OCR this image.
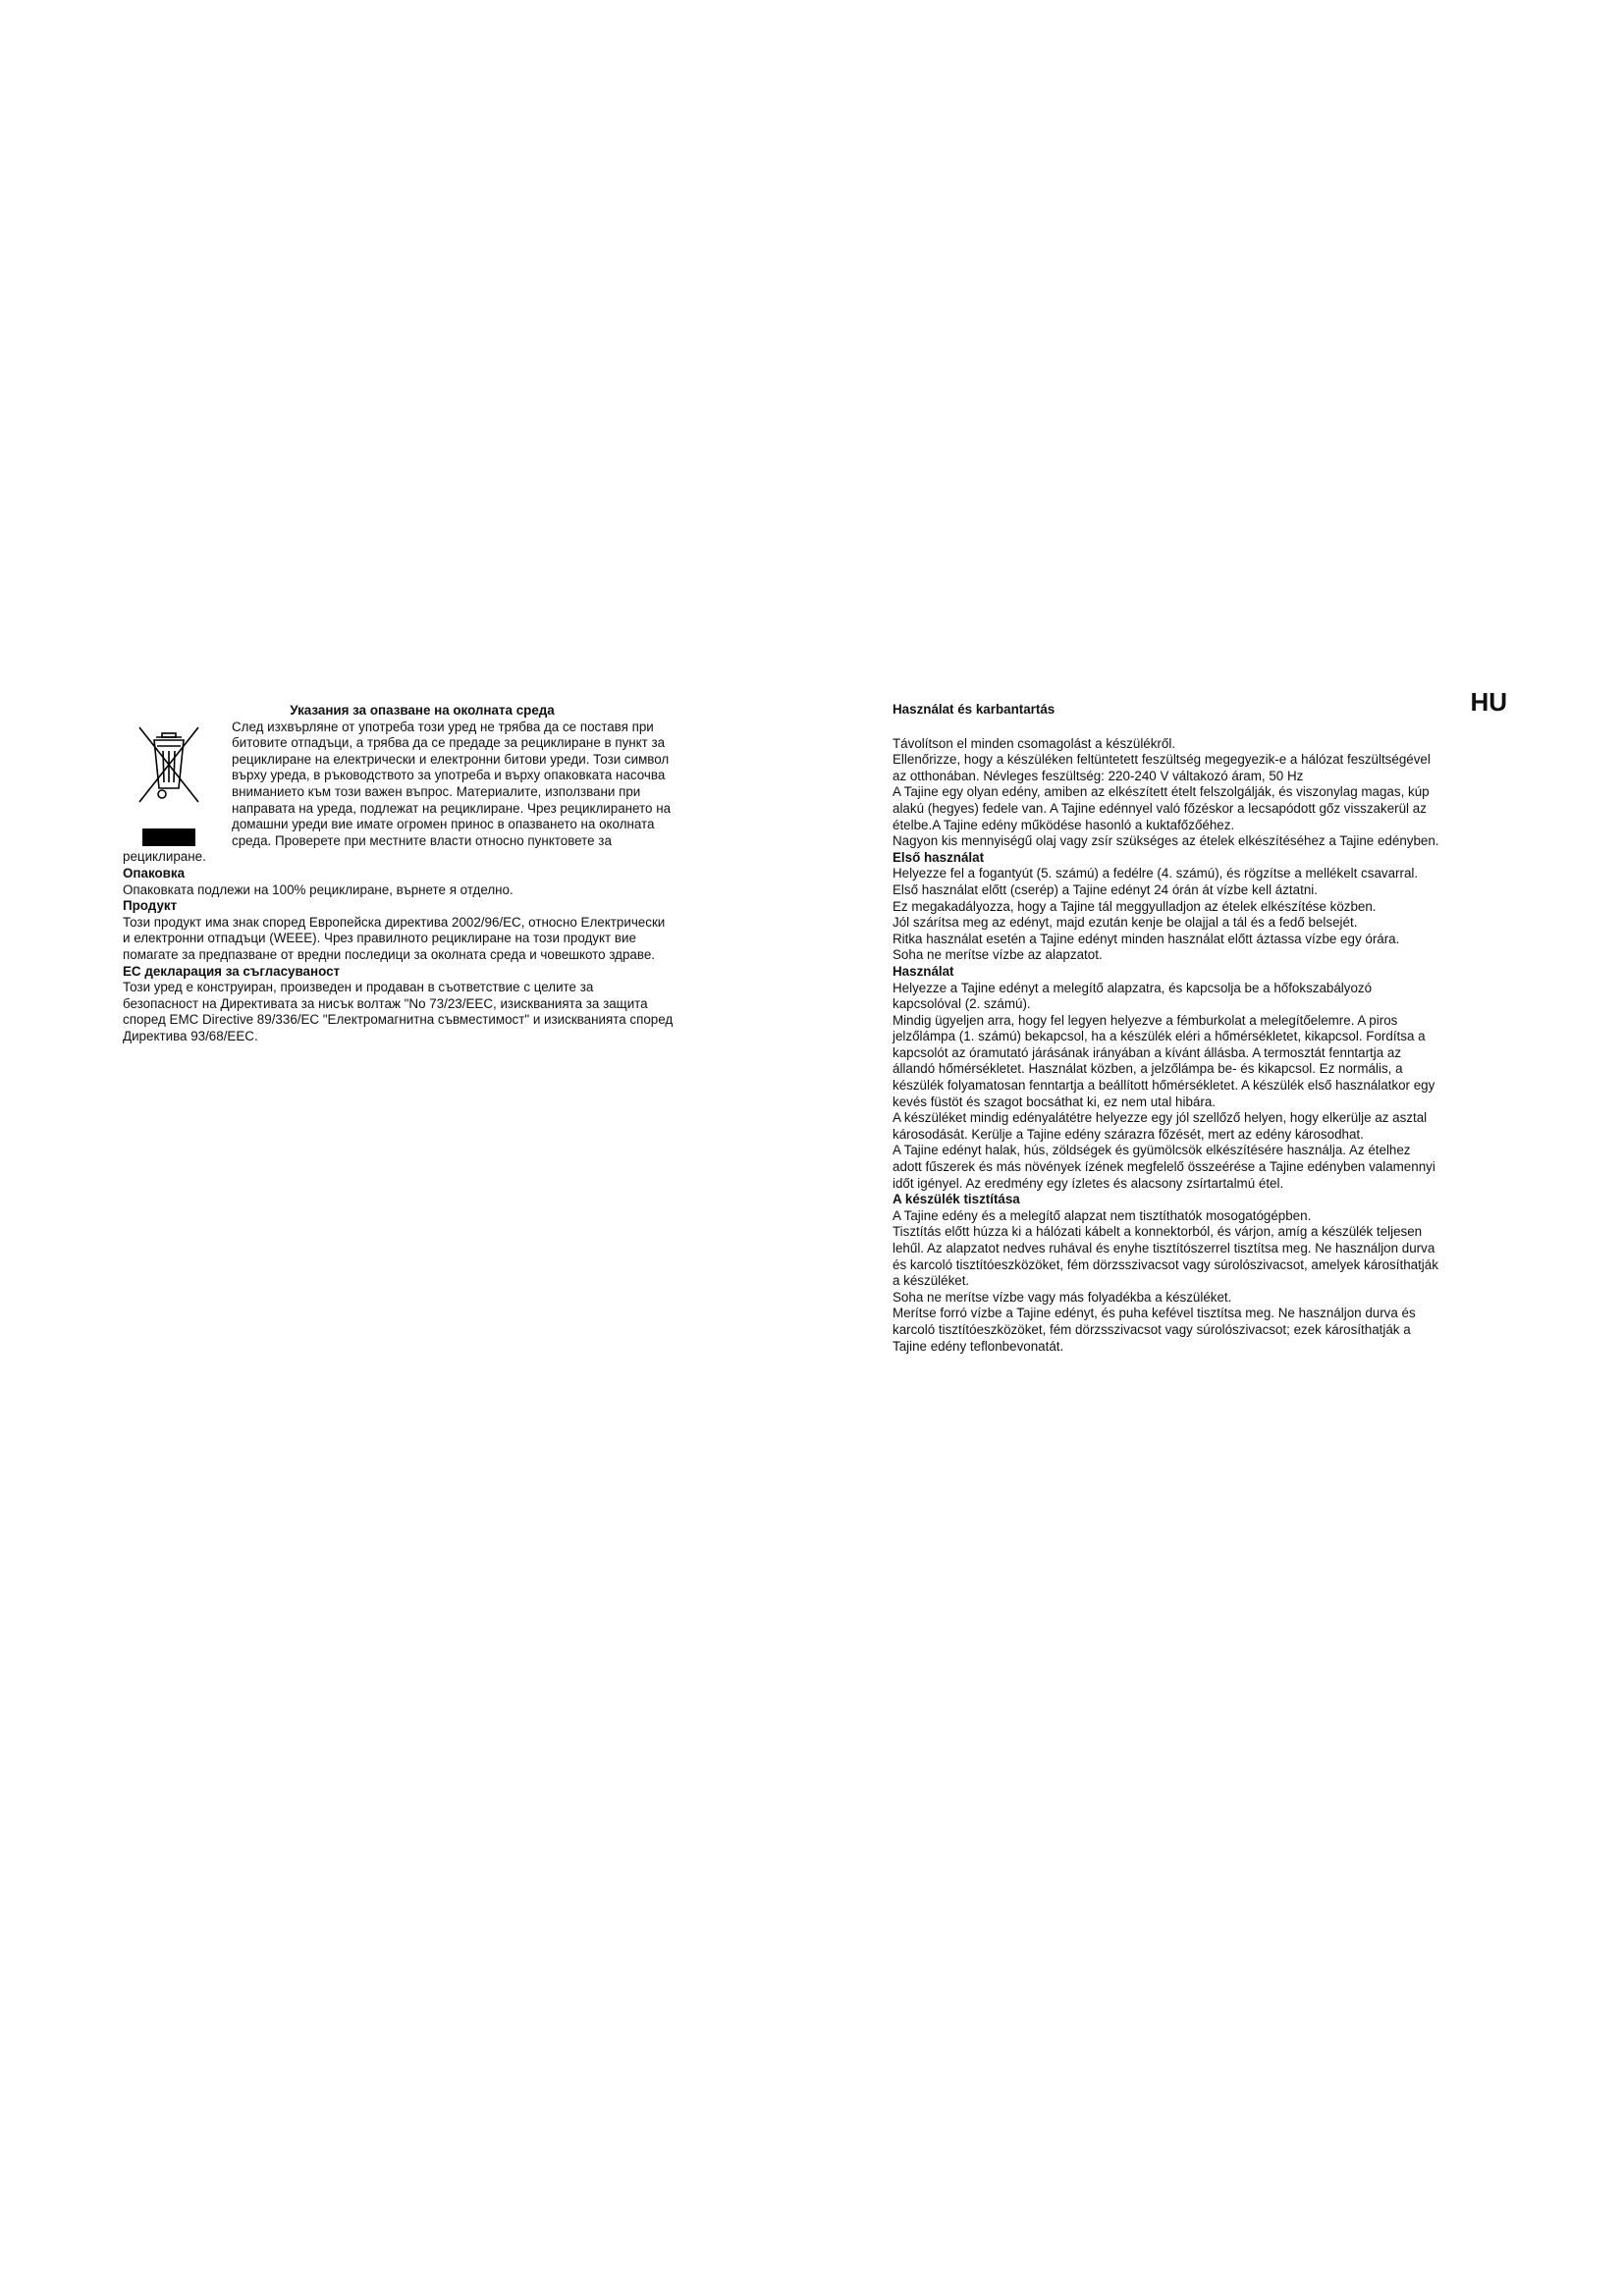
Указания за опазване на околната среда

След изхвърляне от употреба този уред не трябва да се поставя при

битовите отпадъци, а трябва да се предаде за рециклиране в пункт за

рециклиране на електрически и електронни битови уреди. Този символ

върху уреда, в ръководството за употреба и върху опаковката насочва

вниманието към този важен въпрос. Материалите, използвани при

направата на уреда, подлежат на рециклиране. Чрез рециклирането на

домашни уреди вие имате огромен принос в опазването на околната

среда. Проверете при местните власти относно пунктовете за

рециклиране.

Опаковка

Опаковката подлежи на 100% рециклиране, върнете я отделно.

Продукт

Този продукт има знак според Европейска директива 2002/96/EC, относно Електрически

и електронни отпадъци (WEEE). Чрез правилното рециклиране на този продукт вие

помагате за предпазване от вредни последици за околната среда и човешкото здраве.

EC декларация за съгласуваност

Този уред е конструиран, произведен и продаван в съответствие с целите за

безопасност на Директивата за нисък волтаж "No 73/23/EEC, изискванията за защита

според EMC Directive 89/336/EC "Електромагнитна съвместимост" и изискванията според

Директива 93/68/EEC.

Használat és karbantartás	HU

Távolítson el minden csomagolást a készülékről.

Ellenőrizze, hogy a készüléken feltüntetett feszültség megegyezik-e a hálózat feszültségével

az otthonában. Névleges feszültség: 220-240 V váltakozó áram, 50 Hz

A Tajine egy olyan edény, amiben az elkészített ételt felszolgálják, és viszonylag magas, kúp

alakú (hegyes) fedele van. A Tajine edénnyel való főzéskor a lecsapódott gőz visszakerül az

ételbe.A Tajine edény működése hasonló a kuktafőzőéhez.

Nagyon kis mennyiségű olaj vagy zsír szükséges az ételek elkészítéséhez a Tajine edényben.

Első használat

Helyezze fel a fogantyút (5. számú) a fedélre (4. számú), és rögzítse a mellékelt csavarral.

Első használat előtt (cserép) a Tajine edényt 24 órán át vízbe kell áztatni.

Ez megakadályozza, hogy a Tajine tál meggyulladjon az ételek elkészítése közben.

Jól szárítsa meg az edényt, majd ezután kenje be olajjal a tál és a fedő belsejét.

Ritka használat esetén a Tajine edényt minden használat előtt áztassa vízbe egy órára.

Soha ne merítse vízbe az alapzatot.

Használat

Helyezze a Tajine edényt a melegítő alapzatra, és kapcsolja be a hőfokszabályozó

kapcsolóval (2. számú).

Mindig ügyeljen arra, hogy fel legyen helyezve a fémburkolat a melegítőelemre. A piros

jelzőlámpa (1. számú) bekapcsol, ha a készülék eléri a hőmérsékletet, kikapcsol. Fordítsa a

kapcsolót az óramutató járásának irányában a kívánt állásba. A termosztát fenntartja az

állandó hőmérsékletet. Használat közben, a jelzőlámpa be- és kikapcsol. Ez normális, a

készülék folyamatosan fenntartja a beállított hőmérsékletet. A készülék első használatkor egy

kevés füstöt és szagot bocsáthat ki, ez nem utal hibára.

A készüléket mindig edényalátétre helyezze egy jól szellőző helyen, hogy elkerülje az asztal

károsodását. Kerülje a Tajine edény szárazra főzését, mert az edény károsodhat.

A Tajine edényt halak, hús, zöldségek és gyümölcsök elkészítésére használja. Az ételhez

adott fűszerek és más növények ízének megfelelő összeérése a Tajine edényben valamennyi

időt igényel. Az eredmény egy ízletes és alacsony zsírtartalmú étel.

A készülék tisztítása

A Tajine edény és a melegítő alapzat nem tisztíthatók mosogatógépben.

Tisztítás előtt húzza ki a hálózati kábelt a konnektorból, és várjon, amíg a készülék teljesen

lehűl. Az alapzatot nedves ruhával és enyhe tisztítószerrel tisztítsa meg. Ne használjon durva

és karcoló tisztítóeszközöket, fém dörzsszivacsot vagy súrolószivacsot, amelyek károsíthatják

a készüléket.

Soha ne merítse vízbe vagy más folyadékba a készüléket.

Merítse forró vízbe a Tajine edényt, és puha kefével tisztítsa meg. Ne használjon durva és

karcoló tisztítóeszközöket, fém dörzsszivacsot vagy súrolószivacsot; ezek károsíthatják a

Tajine edény teflonbevonatát.
